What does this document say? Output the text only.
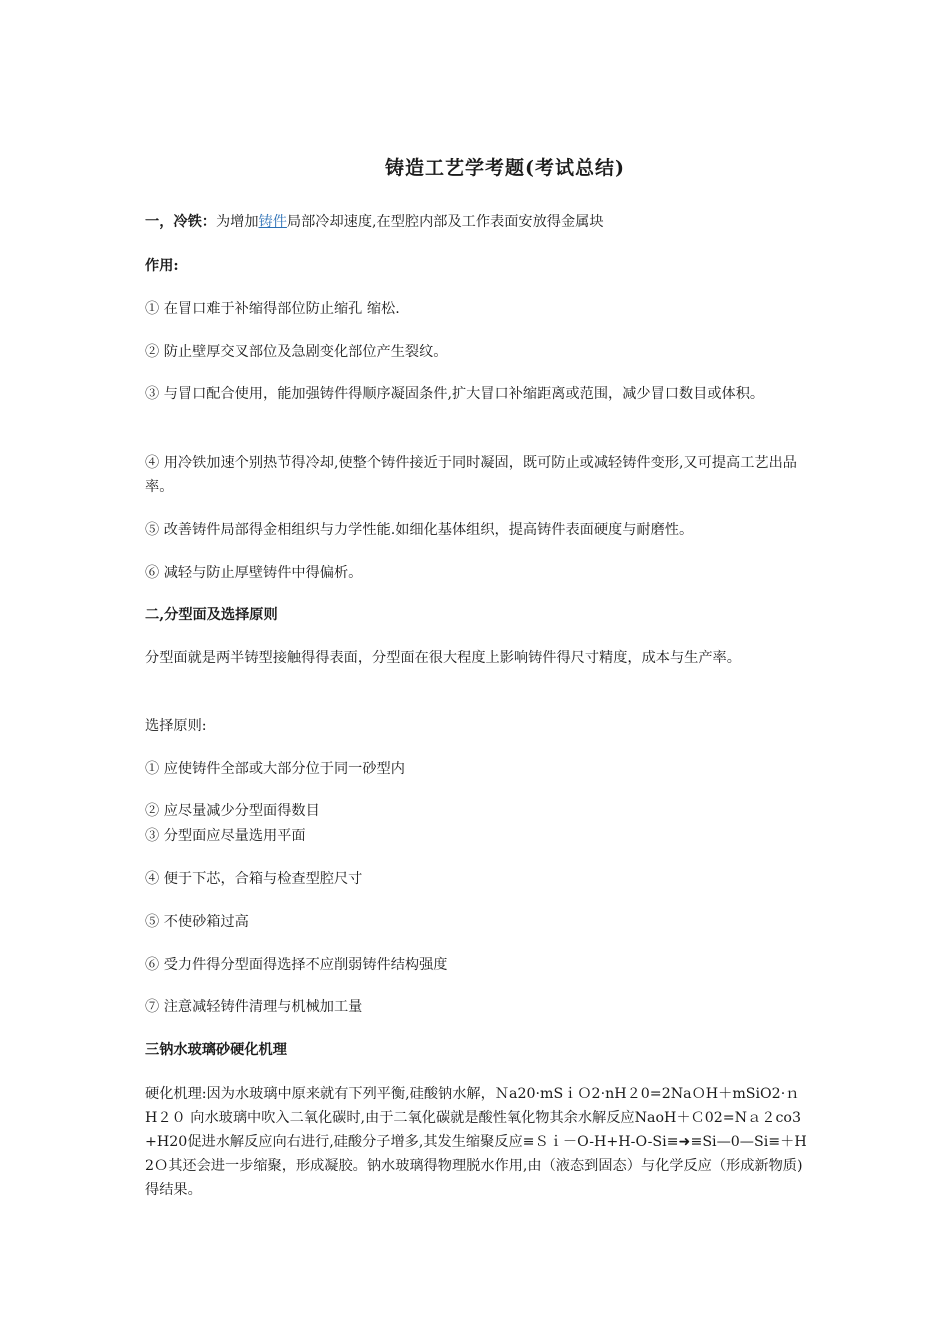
铸造工艺学考题(考试总结)
一，冷铁：为增加铸件局部冷却速度,在型腔内部及工作表面安放得金属块
作用:
① 在冒口难于补缩得部位防止缩孔 缩松.
② 防止壁厚交叉部位及急剧变化部位产生裂纹。
③ 与冒口配合使用，能加强铸件得顺序凝固条件,扩大冒口补缩距离或范围，减少冒口数目或体积。
④ 用冷铁加速个别热节得冷却,使整个铸件接近于同时凝固，既可防止或减轻铸件变形,又可提高工艺出品率。
⑤ 改善铸件局部得金相组织与力学性能.如细化基体组织，提高铸件表面硬度与耐磨性。
⑥ 减轻与防止厚壁铸件中得偏析。
二,分型面及选择原则
分型面就是两半铸型接触得得表面，分型面在很大程度上影响铸件得尺寸精度，成本与生产率。
选择原则:
① 应使铸件全部或大部分位于同一砂型内
② 应尽量减少分型面得数目
③ 分型面应尽量选用平面
④ 便于下芯，合箱与检查型腔尺寸
⑤ 不使砂箱过高
⑥ 受力件得分型面得选择不应削弱铸件结构强度
⑦ 注意减轻铸件清理与机械加工量
三钠水玻璃砂硬化机理
硬化机理:因为水玻璃中原来就有下列平衡,硅酸钠水解，Ｎa20·mSｉＯ2·nH２0=2NaＯH＋mSiO2·ｎH２０ 向水玻璃中吹入二氧化碳时,由于二氧化碳就是酸性氧化物其余水解反应NaoH＋Ｃ02=Nａ２co3+H20促进水解反应向右进行,硅酸分子增多,其发生缩聚反应≡Ｓｉ－O-H+H-O-Si≡➜≡Si—0—Si≡＋H2Ｏ其还会进一步缩聚，形成凝胶。钠水玻璃得物理脱水作用,由（液态到固态）与化学反应（形成新物质)得结果。
